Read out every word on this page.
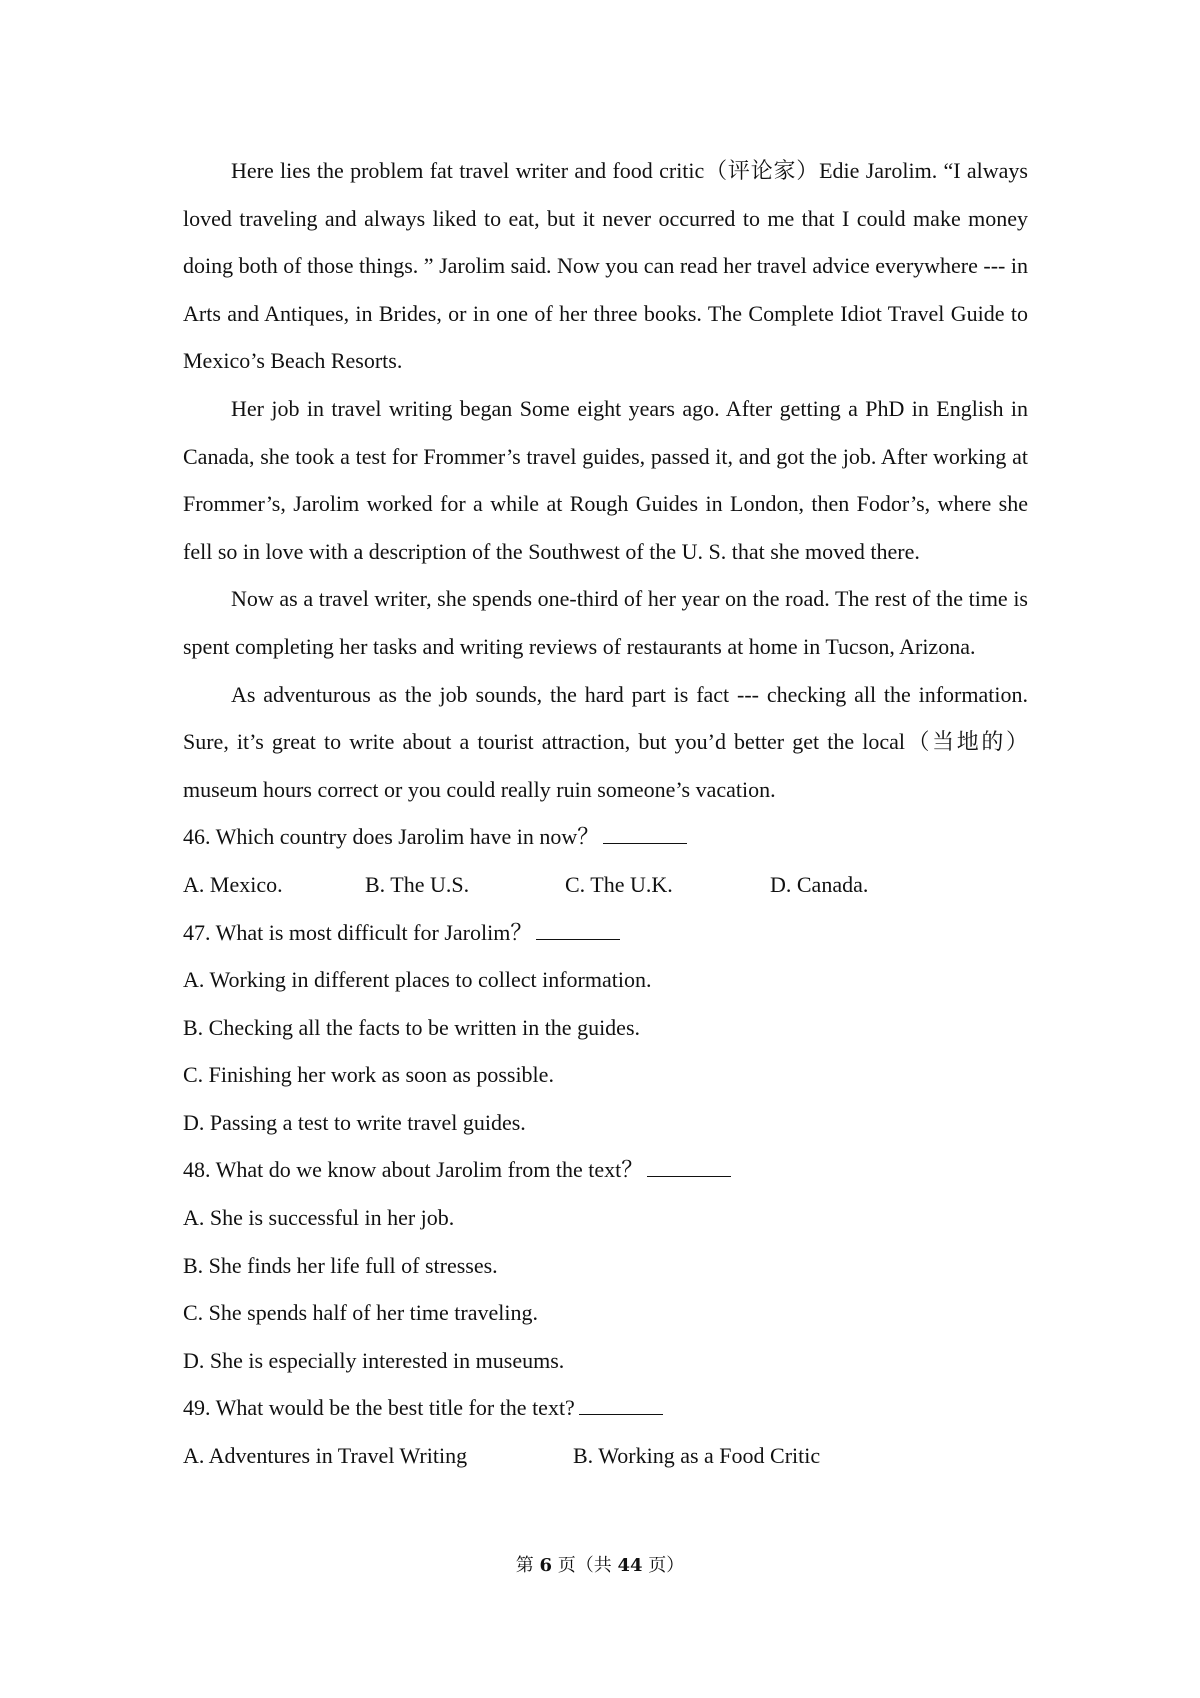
Here lies the problem fat travel writer and food critic（评论家）Edie Jarolim. “I always loved traveling and always liked to eat, but it never occurred to me that I could make money doing both of those things. ” Jarolim said. Now you can read her travel advice everywhere --- in Arts and Antiques, in Brides, or in one of her three books. The Complete Idiot Travel Guide to Mexico’s Beach Resorts.

Her job in travel writing began Some eight years ago. After getting a PhD in English in Canada, she took a test for Frommer’s travel guides, passed it, and got the job. After working at Frommer’s, Jarolim worked for a while at Rough Guides in London, then Fodor’s, where she fell so in love with a description of the Southwest of the U. S. that she moved there.

Now as a travel writer, she spends one-third of her year on the road. The rest of the time is spent completing her tasks and writing reviews of restaurants at home in Tucson, Arizona.

As adventurous as the job sounds, the hard part is fact --- checking all the information. Sure, it’s great to write about a tourist attraction, but you’d better get the local（当地的）museum hours correct or you could really ruin someone’s vacation.

46. Which country does Jarolim have in now？

A. Mexico.	B. The U.S.	C. The U.K.	D. Canada.

47. What is most difficult for Jarolim？

A. Working in different places to collect information.

B. Checking all the facts to be written in the guides.

C. Finishing her work as soon as possible.

D. Passing a test to write travel guides.

48. What do we know about Jarolim from the text？

A. She is successful in her job.

B. She finds her life full of stresses.

C. She spends half of her time traveling.

D. She is especially interested in museums.

49. What would be the best title for the text?

A. Adventures in Travel Writing	B. Working as a Food Critic
第 6 页（共 44 页）
